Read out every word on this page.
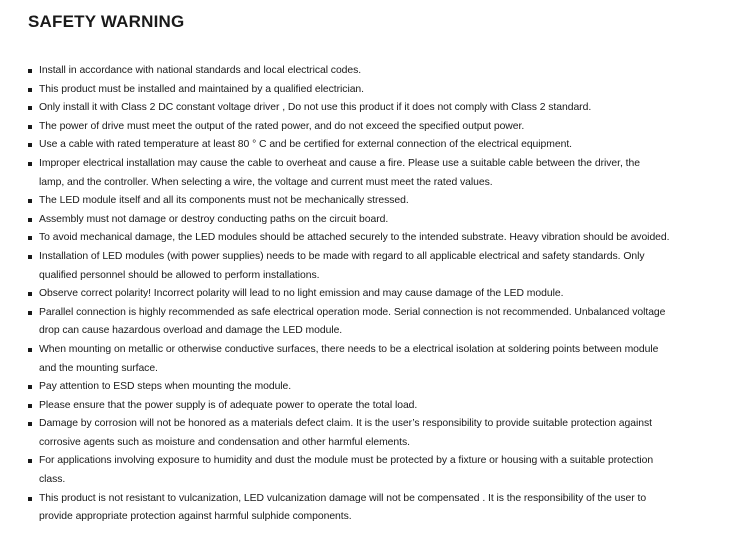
SAFETY WARNING
Install in accordance with national standards and local electrical codes.
This product must be installed and maintained by a qualified electrician.
Only install it with Class 2 DC constant voltage driver , Do not use this product if it does not comply with Class 2 standard.
The power of drive must meet the output of the rated power, and do not exceed the specified output power.
Use a cable with rated temperature at least 80 ° C and be certified for external connection of the electrical equipment.
Improper electrical installation may cause the cable to overheat and cause a fire. Please use a suitable cable between the driver, the
lamp, and the controller. When selecting a wire, the voltage and current must meet the rated values.
The LED module itself and all its components must not be mechanically stressed.
Assembly must not damage or destroy conducting paths on the circuit board.
To avoid mechanical damage, the LED modules should be attached securely to the intended substrate. Heavy vibration should be avoided.
Installation of LED modules (with power supplies) needs to be made with regard to all applicable electrical and safety standards. Only
qualified personnel should be allowed to perform installations.
Observe correct polarity! Incorrect polarity will lead to no light emission and may cause damage of the LED module.
Parallel connection is highly recommended as safe electrical operation mode. Serial connection is not recommended. Unbalanced voltage
drop can cause hazardous overload and damage the LED module.
When mounting on metallic or otherwise conductive surfaces, there needs to be a electrical isolation at soldering points between module
and the mounting surface.
Pay attention to ESD steps when mounting the module.
Please ensure that the power supply is of adequate power to operate the total load.
Damage by corrosion will not be honored as a materials defect claim. It is the user’s responsibility to provide suitable protection against
corrosive agents such as moisture and condensation and other harmful elements.
For applications involving exposure to humidity and dust the module must be protected by a fixture or housing with a suitable protection
class.
This product is not resistant to vulcanization, LED vulcanization damage will not be compensated . It is the responsibility of the user to
provide appropriate protection against harmful sulphide components.
